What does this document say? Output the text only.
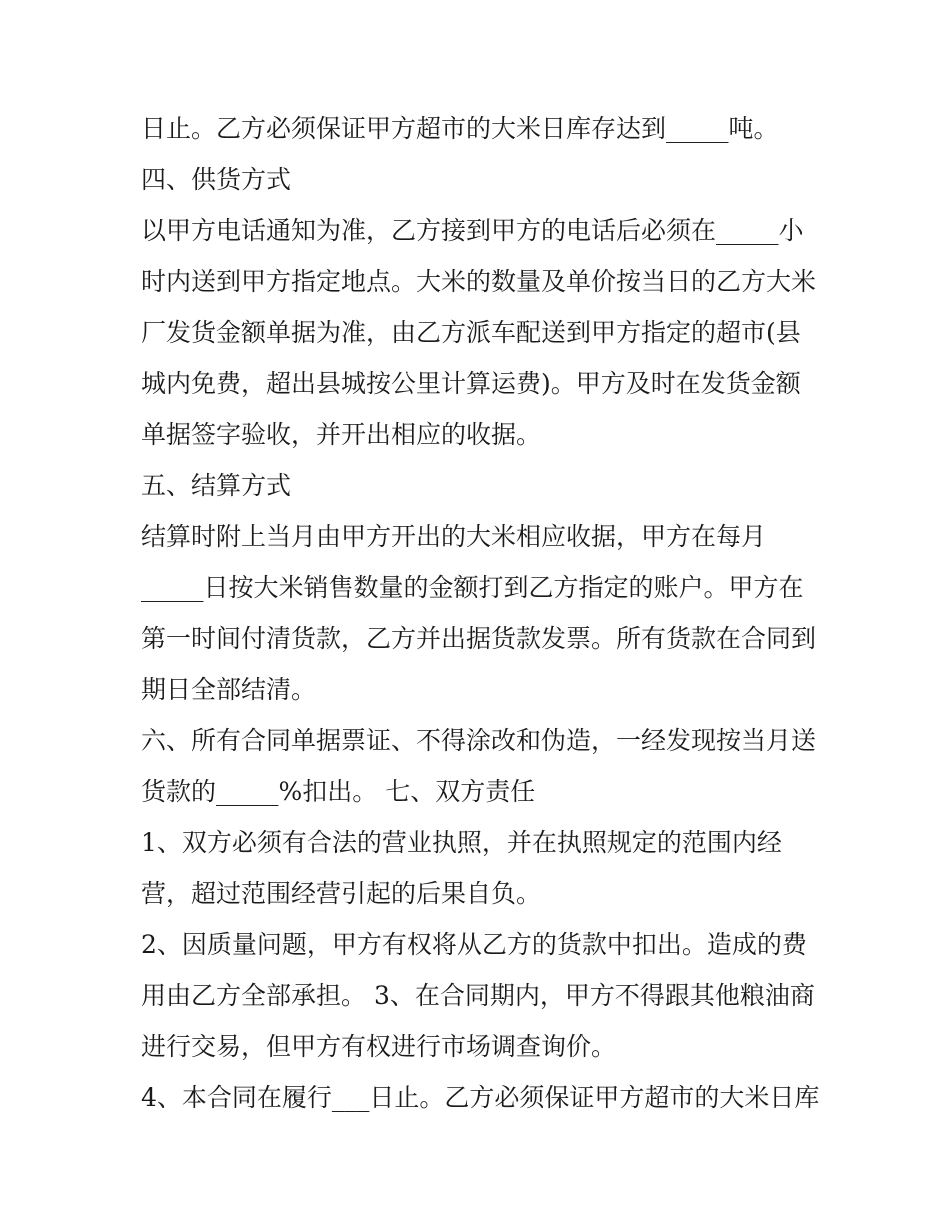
日止。乙方必须保证甲方超市的大米日库存达到_____吨。
四、供货方式
以甲方电话通知为准，乙方接到甲方的电话后必须在_____小
时内送到甲方指定地点。大米的数量及单价按当日的乙方大米
厂发货金额单据为准，由乙方派车配送到甲方指定的超市(县
城内免费，超出县城按公里计算运费)。甲方及时在发货金额
单据签字验收，并开出相应的收据。
五、结算方式
结算时附上当月由甲方开出的大米相应收据，甲方在每月
_____日按大米销售数量的金额打到乙方指定的账户。甲方在
第一时间付清货款，乙方并出据货款发票。所有货款在合同到
期日全部结清。
六、所有合同单据票证、不得涂改和伪造，一经发现按当月送
货款的_____%扣出。 七、双方责任
1、双方必须有合法的营业执照，并在执照规定的范围内经
营，超过范围经营引起的后果自负。
2、因质量问题，甲方有权将从乙方的货款中扣出。造成的费
用由乙方全部承担。 3、在合同期内，甲方不得跟其他粮油商
进行交易，但甲方有权进行市场调查询价。
4、本合同在履行___日止。乙方必须保证甲方超市的大米日库
